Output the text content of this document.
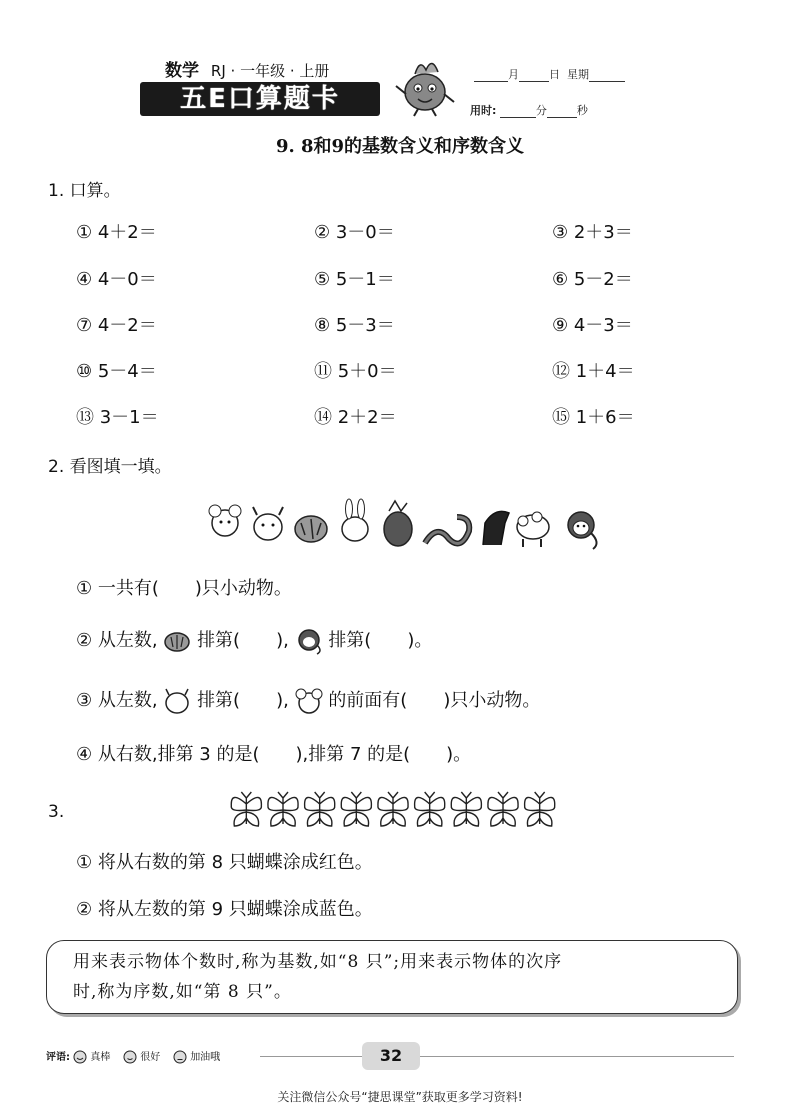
数学 RJ · 一年级 · 上册
五E口算题卡
月	日 星期
用时:	分	秒
9. 8和9的基数含义和序数含义
1. 口算。
① 4＋2＝	② 3－0＝	③ 2＋3＝
④ 4－0＝	⑤ 5－1＝	⑥ 5－2＝
⑦ 4－2＝	⑧ 5－3＝	⑨ 4－3＝
⑩ 5－4＝	⑪ 5＋0＝	⑫ 1＋4＝
⑬ 3－1＝	⑭ 2＋2＝	⑮ 1＋6＝
2. 看图填一填。
① 一共有(　　)只小动物。
② 从左数, 排第(　　), 排第(　　)。
③ 从左数, 排第(　　), 的前面有(　　)只小动物。
④ 从右数,排第 3 的是(　　),排第 7 的是(　　)。
3.
① 将从右数的第 8 只蝴蝶涂成红色。
② 将从左数的第 9 只蝴蝶涂成蓝色。
用来表示物体个数时,称为基数,如“8 只”;用来表示物体的次序
时,称为序数,如“第 8 只”。
评语: 真棒	很好	加油哦	32
关注微信公众号“捷思课堂”获取更多学习资料!
